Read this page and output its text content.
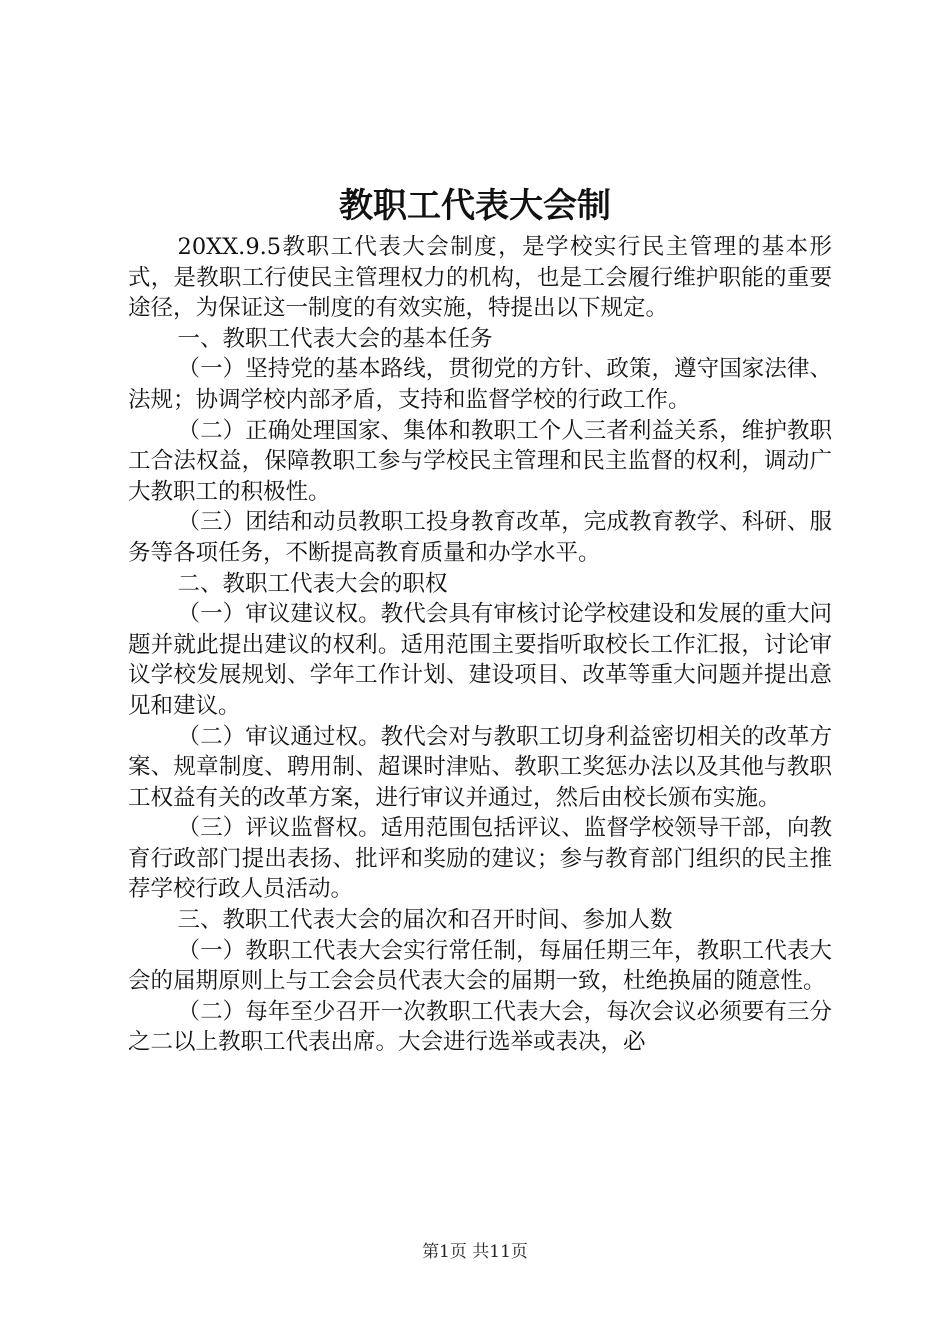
教职工代表大会制

20XX.9.5教职工代表大会制度，是学校实行民主管理的基本形式，是教职工行使民主管理权力的机构，也是工会履行维护职能的重要途径，为保证这一制度的有效实施，特提出以下规定。

一、教职工代表大会的基本任务

（一）坚持党的基本路线，贯彻党的方针、政策，遵守国家法律、法规；协调学校内部矛盾，支持和监督学校的行政工作。

（二）正确处理国家、集体和教职工个人三者利益关系，维护教职工合法权益，保障教职工参与学校民主管理和民主监督的权利，调动广大教职工的积极性。

（三）团结和动员教职工投身教育改革，完成教育教学、科研、服务等各项任务，不断提高教育质量和办学水平。

二、教职工代表大会的职权

（一）审议建议权。教代会具有审核讨论学校建设和发展的重大问题并就此提出建议的权利。适用范围主要指听取校长工作汇报，讨论审议学校发展规划、学年工作计划、建设项目、改革等重大问题并提出意见和建议。

（二）审议通过权。教代会对与教职工切身利益密切相关的改革方案、规章制度、聘用制、超课时津贴、教职工奖惩办法以及其他与教职工权益有关的改革方案，进行审议并通过，然后由校长颁布实施。

（三）评议监督权。适用范围包括评议、监督学校领导干部，向教育行政部门提出表扬、批评和奖励的建议；参与教育部门组织的民主推荐学校行政人员活动。

三、教职工代表大会的届次和召开时间、参加人数

（一）教职工代表大会实行常任制，每届任期三年，教职工代表大会的届期原则上与工会会员代表大会的届期一致，杜绝换届的随意性。

（二）每年至少召开一次教职工代表大会，每次会议必须要有三分之二以上教职工代表出席。大会进行选举或表决，必

第1页 共11页
